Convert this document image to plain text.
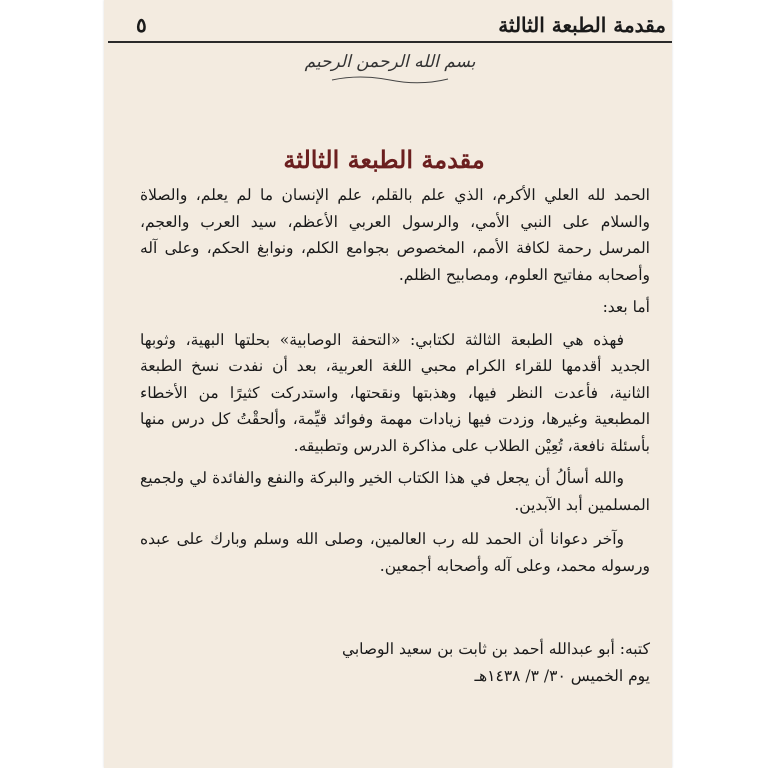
مقدمة الطبعة الثالثة
٥
بسم الله الرحمن الرحيم
مقدمة الطبعة الثالثة

الحمد لله العلي الأكرم، الذي علم بالقلم، علم الإنسان ما لم يعلم، والصلاة والسلام على النبي الأمي، والرسول العربي الأعظم، سيد العرب والعجم، المرسل رحمة لكافة الأمم، المخصوص بجوامع الكلم، ونوابغ الحكم، وعلى آله وأصحابه مفاتيح العلوم، ومصابيح الظلم.

أما بعد:

فهذه هي الطبعة الثالثة لكتابي: «التحفة الوصابية» بحلتها البهية، وثوبها الجديد أقدمها للقراء الكرام محبي اللغة العربية، بعد أن نفدت نسخ الطبعة الثانية، فأعدت النظر فيها، وهذبتها ونقحتها، واستدركت كثيرًا من الأخطاء المطبعية وغيرها، وزدت فيها زيادات مهمة وفوائد قيِّمة، وألحقْتُ كل درس منها بأسئلة نافعة، تُعِيْن الطلاب على مذاكرة الدرس وتطبيقه.

والله أسألُ أن يجعل في هذا الكتاب الخير والبركة والنفع والفائدة لي ولجميع المسلمين أبد الآبدين.

وآخر دعوانا أن الحمد لله رب العالمين، وصلى الله وسلم وبارك على عبده ورسوله محمد، وعلى آله وأصحابه أجمعين.

كتبه: أبو عبدالله أحمد بن ثابت بن سعيد الوصابي
يوم الخميس ٣٠/ ٣/ ١٤٣٨هـ
